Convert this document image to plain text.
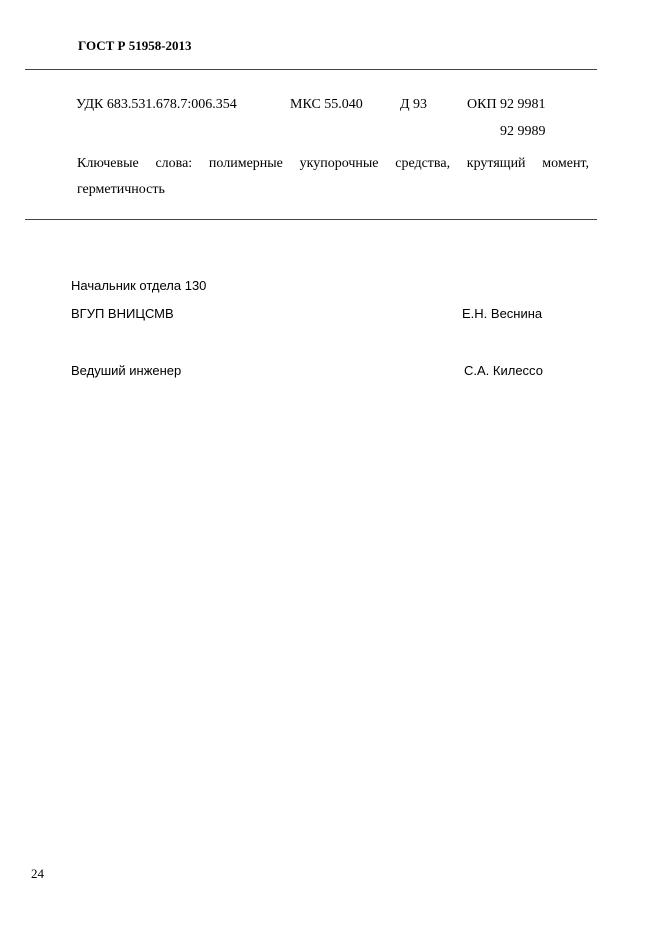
ГОСТ Р 51958-2013
УДК 683.531.678.7:006.354	МКС 55.040	Д 93	ОКП 92 9981
92 9989
Ключевые слова: полимерные укупорочные средства, крутящий момент, герметичность
Начальник отдела 130
ВГУП ВНИЦСМВ	Е.Н. Веснина
Ведуший инженер	С.А. Килессо
24
